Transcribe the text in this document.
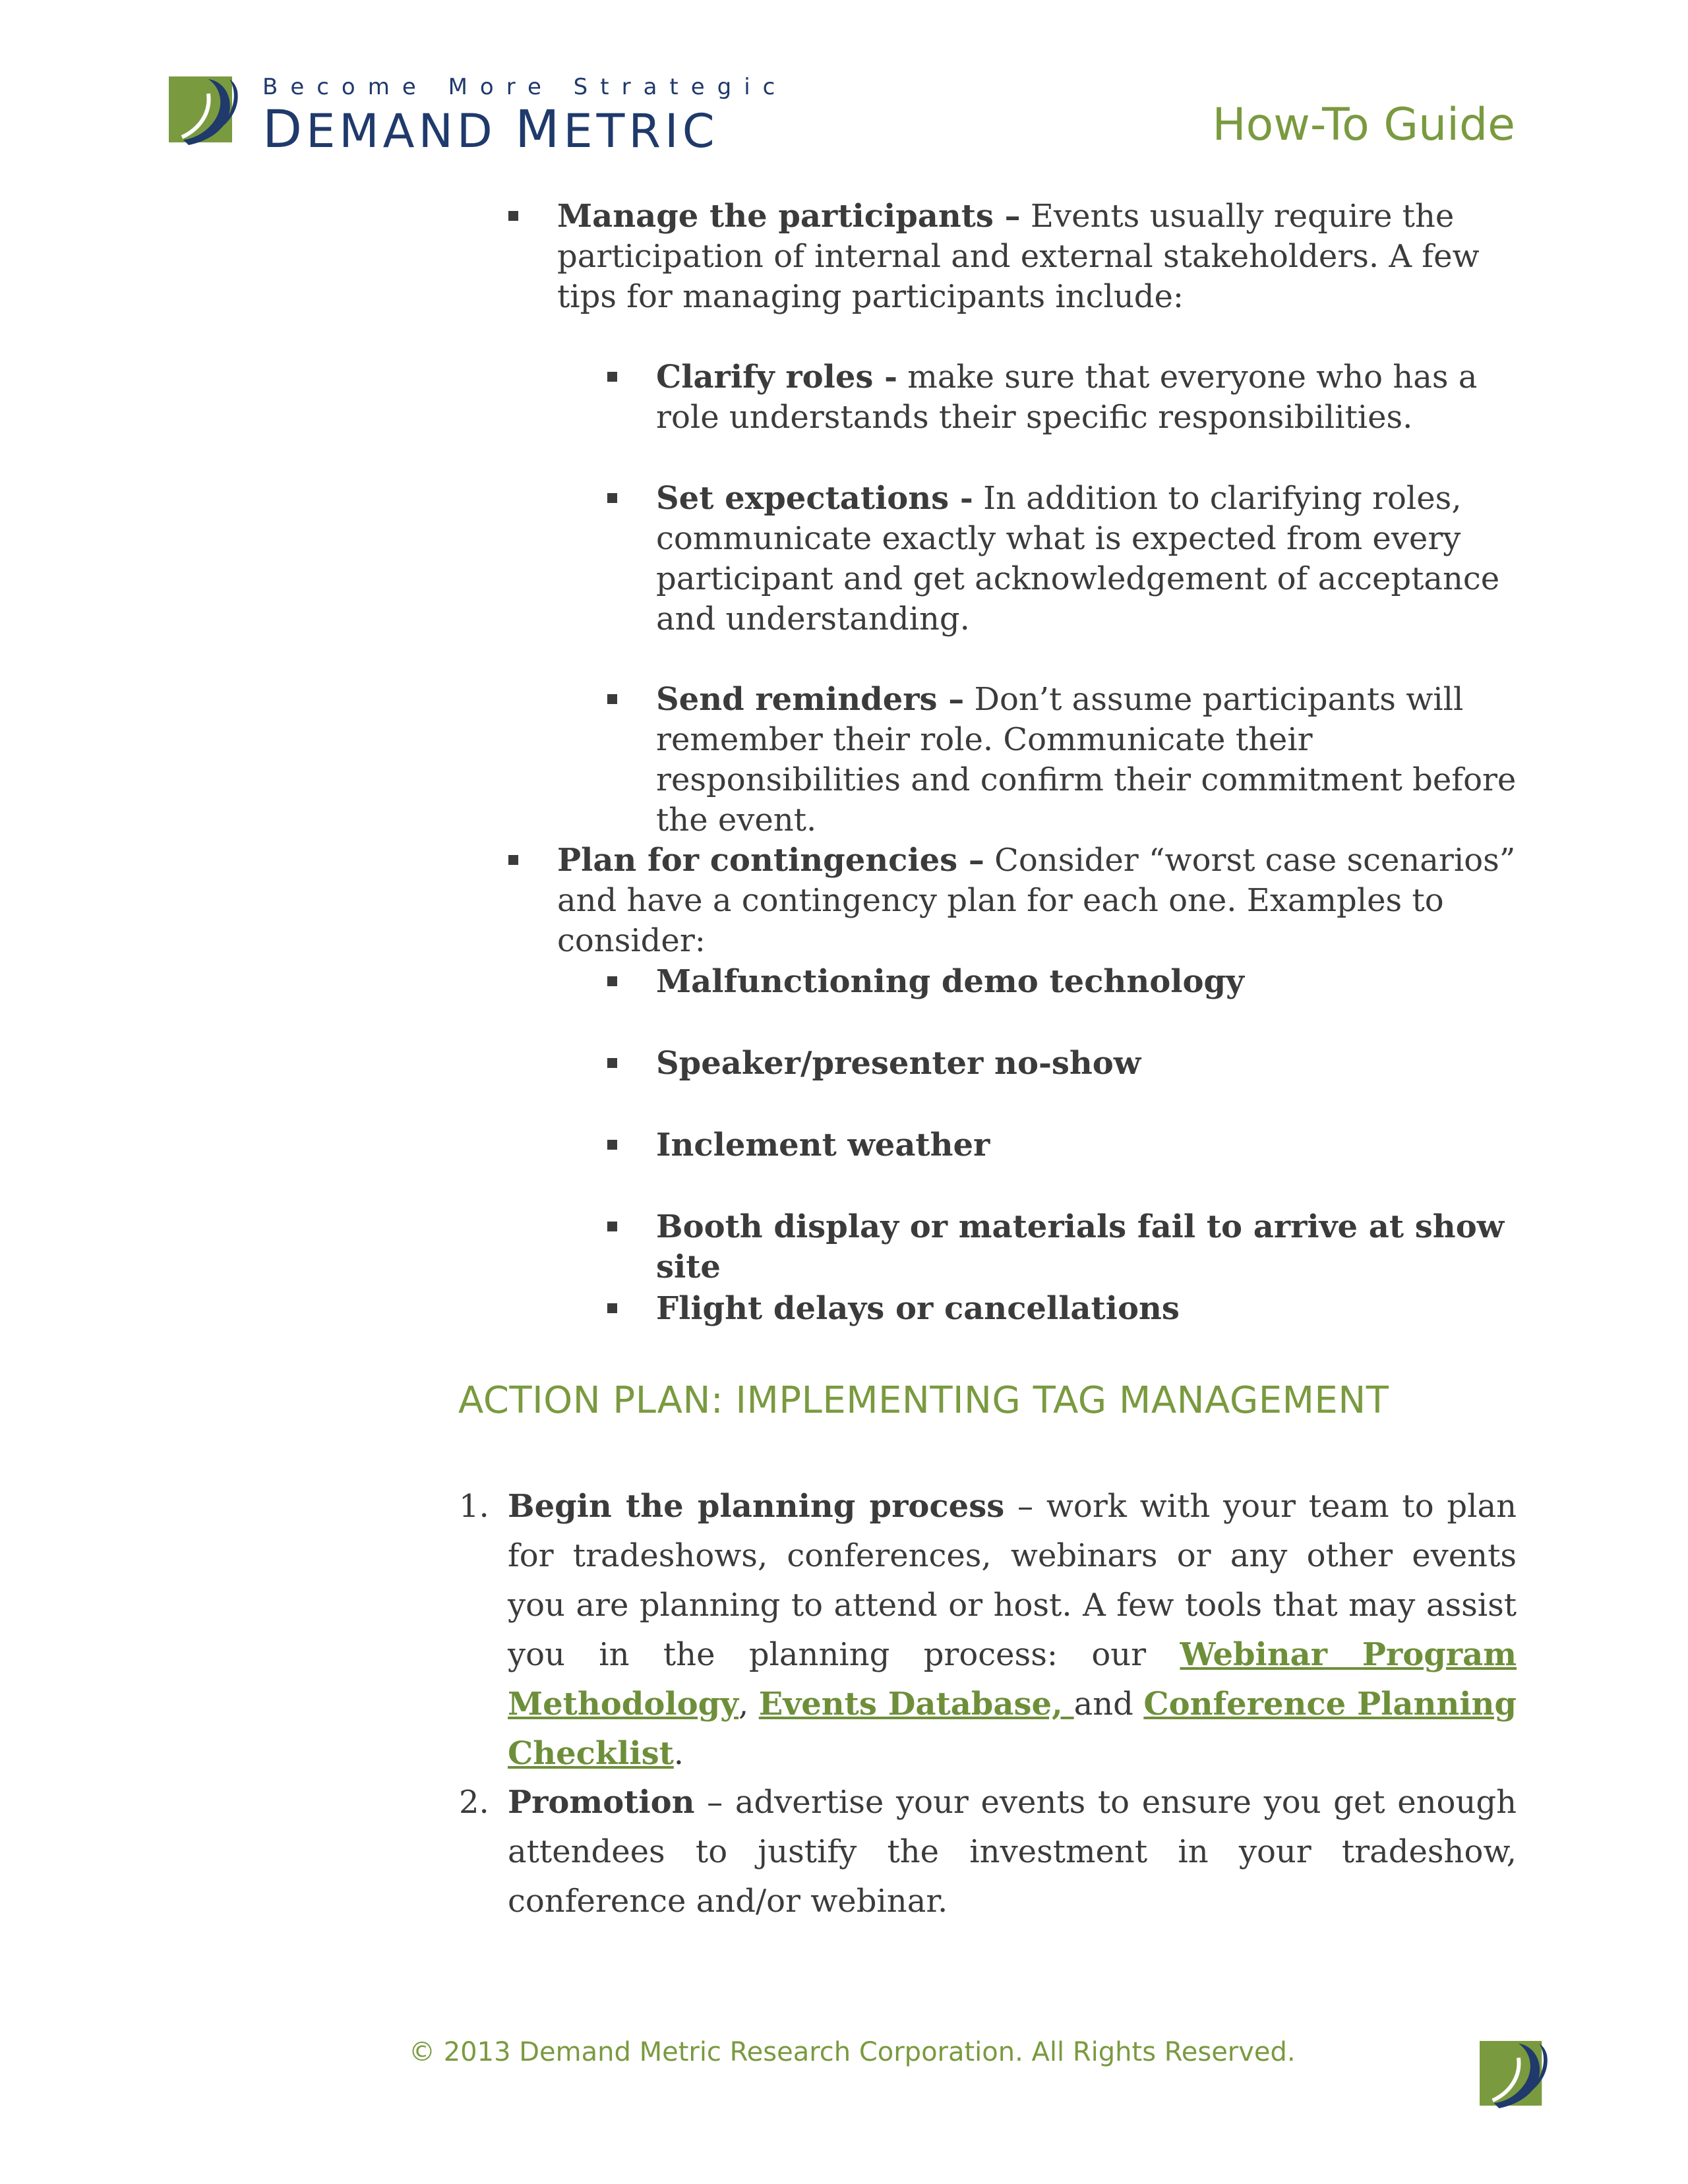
Become More Strategic
DEMAND METRIC	How-To Guide
Manage the participants – Events usually require the participation of internal and external stakeholders. A few tips for managing participants include:
Clarify roles - make sure that everyone who has a role understands their specific responsibilities.
Set expectations - In addition to clarifying roles, communicate exactly what is expected from every participant and get acknowledgement of acceptance and understanding.
Send reminders – Don’t assume participants will remember their role. Communicate their responsibilities and confirm their commitment before the event.
Plan for contingencies – Consider “worst case scenarios” and have a contingency plan for each one. Examples to consider:
Malfunctioning demo technology
Speaker/presenter no-show
Inclement weather
Booth display or materials fail to arrive at show site
Flight delays or cancellations
ACTION PLAN: IMPLEMENTING TAG MANAGEMENT
1. Begin the planning process – work with your team to plan for tradeshows, conferences, webinars or any other events you are planning to attend or host. A few tools that may assist you in the planning process: our Webinar Program Methodology, Events Database, and Conference Planning Checklist.
2. Promotion – advertise your events to ensure you get enough attendees to justify the investment in your tradeshow, conference and/or webinar.
© 2013 Demand Metric Research Corporation. All Rights Reserved.
